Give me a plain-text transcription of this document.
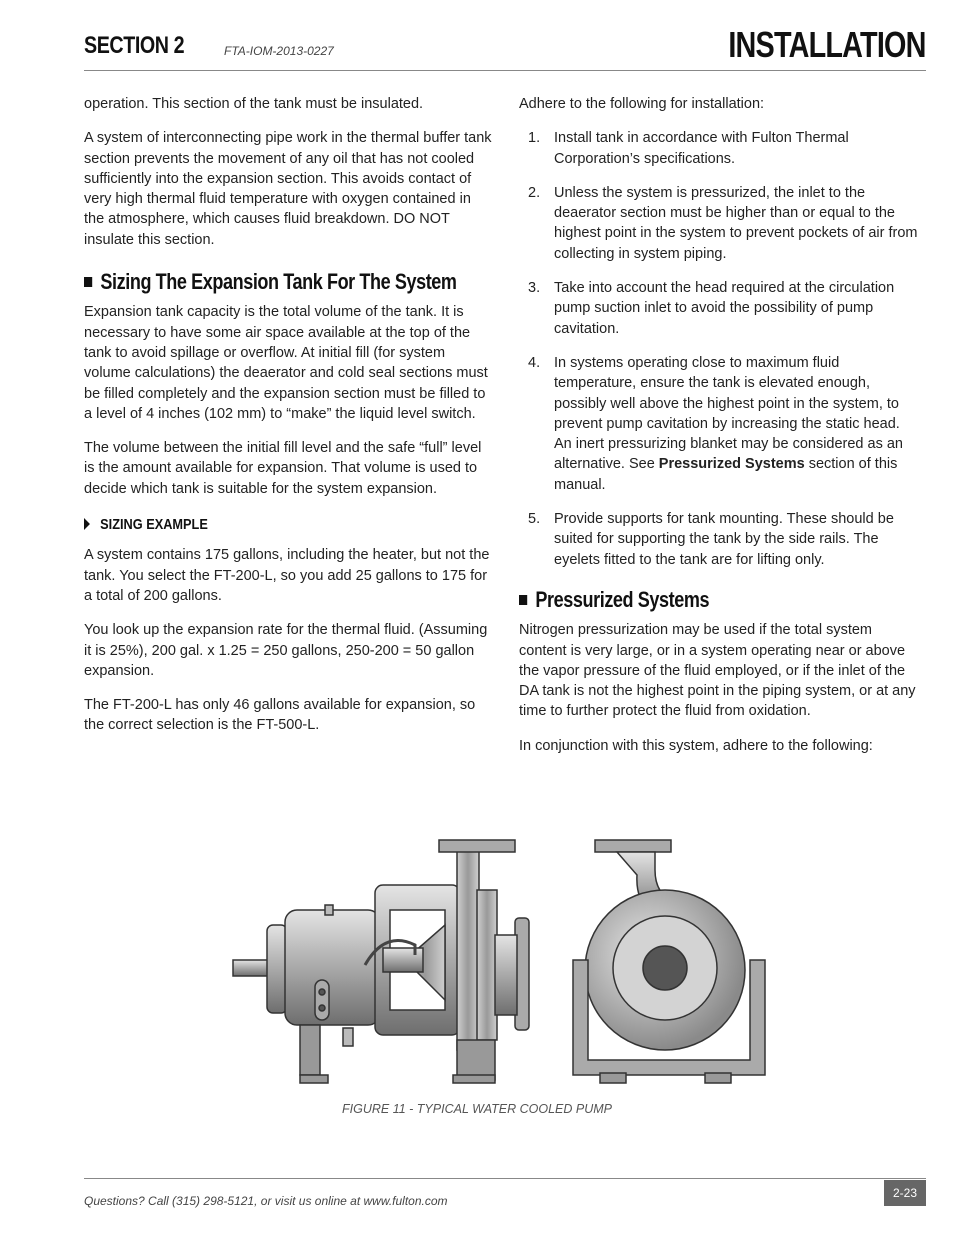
SECTION 2	FTA-IOM-2013-0227	INSTALLATION

operation. This section of the tank must be insulated.

A system of interconnecting pipe work in the thermal buffer tank section prevents the movement of any oil that has not cooled sufficiently into the expansion section. This avoids contact of very high thermal fluid temperature with oxygen contained in the atmosphere, which causes fluid breakdown. DO NOT insulate this section.

Sizing The Expansion Tank For The System

Expansion tank capacity is the total volume of the tank. It is necessary to have some air space available at the top of the tank to avoid spillage or overflow. At initial fill (for system volume calculations) the deaerator and cold seal sections must be filled completely and the expansion section must be filled to a level of 4 inches (102 mm) to “make” the liquid level switch.

The volume between the initial fill level and the safe “full” level is the amount available for expansion. That volume is used to decide which tank is suitable for the system expansion.

SIZING EXAMPLE

A system contains 175 gallons, including the heater, but not the tank. You select the FT-200-L, so you add 25 gallons to 175 for a total of 200 gallons.

You look up the expansion rate for the thermal fluid. (Assuming it is 25%), 200 gal. x 1.25 = 250 gallons, 250-200 = 50 gallon expansion.

The FT-200-L has only 46 gallons available for expansion, so the correct selection is the FT-500-L.

Adhere to the following for installation:

1. Install tank in accordance with Fulton Thermal Corporation’s specifications.
2. Unless the system is pressurized, the inlet to the deaerator section must be higher than or equal to the highest point in the system to prevent pockets of air from collecting in system piping.
3. Take into account the head required at the circulation pump suction inlet to avoid the possibility of pump cavitation.
4. In systems operating close to maximum fluid temperature, ensure the tank is elevated enough, possibly well above the highest point in the system, to prevent pump cavitation by increasing the static head. An inert pressurizing blanket may be considered as an alternative. See Pressurized Systems section of this manual.
5. Provide supports for tank mounting. These should be suited for supporting the tank by the side rails. The eyelets fitted to the tank are for lifting only.
Pressurized Systems

Nitrogen pressurization may be used if the total system content is very large, or in a system operating near or above the vapor pressure of the fluid employed, or if the inlet of the DA tank is not the highest point in the piping system, or at any time to further protect the fluid from oxidation.

In conjunction with this system, adhere to the following:

FIGURE 11 - TYPICAL WATER COOLED PUMP
Questions? Call (315) 298-5121, or visit us online at www.fulton.com
2-23
